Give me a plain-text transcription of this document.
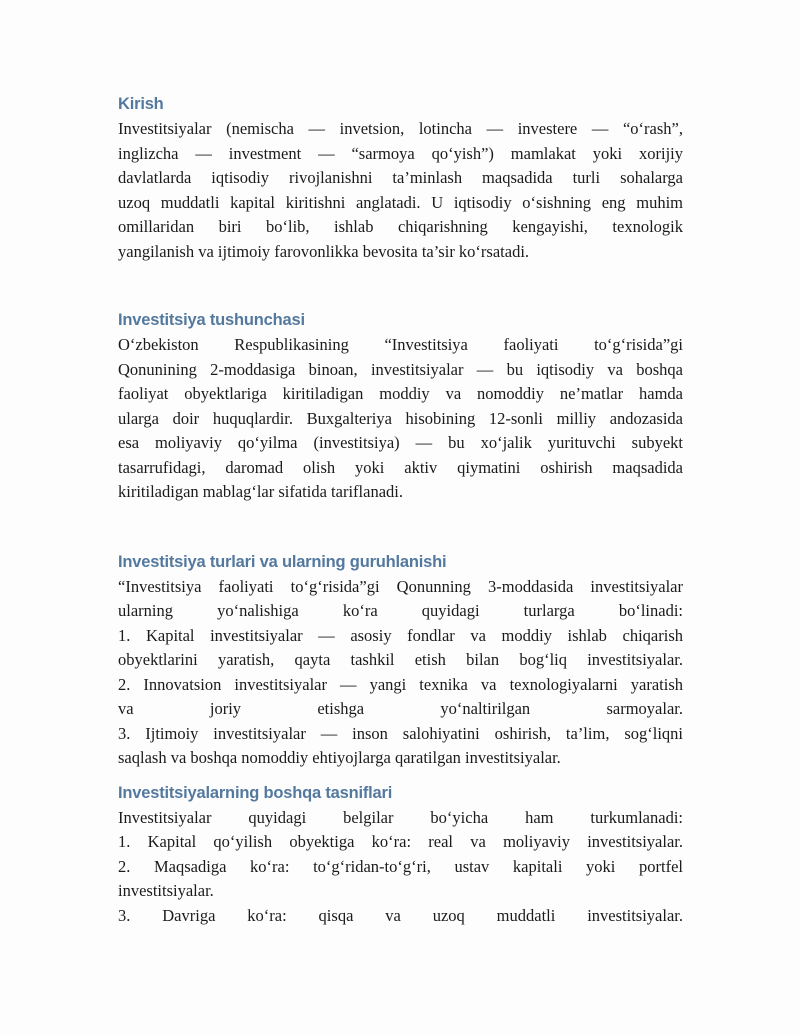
Kirish
Investitsiyalar (nemischa — invetsion, lotincha — investere — “oʻrash”,
inglizcha — investment — “sarmoya qoʻyish”) mamlakat yoki xorijiy
davlatlarda iqtisodiy rivojlanishni ta’minlash maqsadida turli sohalarga
uzoq muddatli kapital kiritishni anglatadi. U iqtisodiy oʻsishning eng muhim
omillaridan biri boʻlib, ishlab chiqarishning kengayishi, texnologik
yangilanish va ijtimoiy farovonlikka bevosita ta’sir koʻrsatadi.
Investitsiya tushunchasi
Oʻzbekiston Respublikasining “Investitsiya faoliyati toʻgʻrisida”gi
Qonunining 2-moddasiga binoan, investitsiyalar — bu iqtisodiy va boshqa
faoliyat obyektlariga kiritiladigan moddiy va nomoddiy ne’matlar hamda
ularga doir huquqlardir. Buxgalteriya hisobining 12-sonli milliy andozasida
esa moliyaviy qoʻyilma (investitsiya) — bu xoʻjalik yurituvchi subyekt
tasarrufidagi, daromad olish yoki aktiv qiymatini oshirish maqsadida
kiritiladigan mablagʻlar sifatida tariflanadi.
Investitsiya turlari va ularning guruhlanishi
“Investitsiya faoliyati toʻgʻrisida”gi Qonunning 3-moddasida investitsiyalar
ularning yoʻnalishiga koʻra quyidagi turlarga boʻlinadi:
1. Kapital investitsiyalar — asosiy fondlar va moddiy ishlab chiqarish
obyektlarini yaratish, qayta tashkil etish bilan bogʻliq investitsiyalar.
2. Innovatsion investitsiyalar — yangi texnika va texnologiyalarni yaratish
va joriy etishga yoʻnaltirilgan sarmoyalar.
3. Ijtimoiy investitsiyalar — inson salohiyatini oshirish, ta’lim, sogʻliqni
saqlash va boshqa nomoddiy ehtiyojlarga qaratilgan investitsiyalar.
Investitsiyalarning boshqa tasniflari
Investitsiyalar quyidagi belgilar boʻyicha ham turkumlanadi:
1. Kapital qoʻyilish obyektiga koʻra: real va moliyaviy investitsiyalar.
2. Maqsadiga koʻra: toʻgʻridan-toʻgʻri, ustav kapitali yoki portfel
investitsiyalar.
3. Davriga koʻra: qisqa va uzoq muddatli investitsiyalar.
